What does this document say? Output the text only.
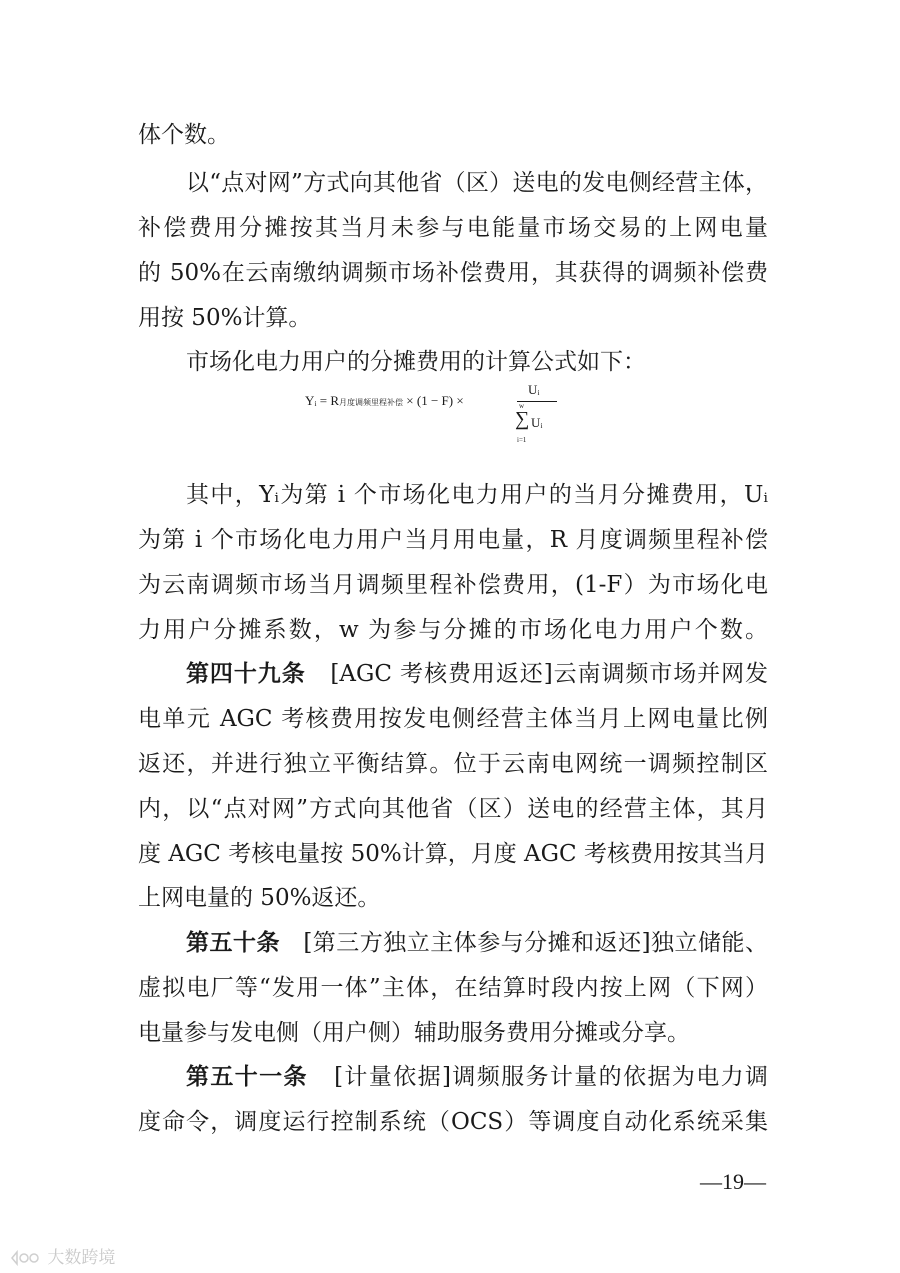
体个数。
以“点对网”方式向其他省（区）送电的发电侧经营主体，
补偿费用分摊按其当月未参与电能量市场交易的上网电量
的 50%在云南缴纳调频市场补偿费用，其获得的调频补偿费
用按 50%计算。
市场化电力用户的分摊费用的计算公式如下：
Yᵢ = R月度调频里程补偿 × (1 − F) ×
Uᵢ
w
∑
i=1
Uᵢ
其中，Yᵢ为第 i 个市场化电力用户的当月分摊费用，Uᵢ
为第 i 个市场化电力用户当月用电量，R 月度调频里程补偿
为云南调频市场当月调频里程补偿费用，(1-F）为市场化电
力用户分摊系数，w 为参与分摊的市场化电力用户个数。
第四十九条 [AGC 考核费用返还]云南调频市场并网发
电单元 AGC 考核费用按发电侧经营主体当月上网电量比例
返还，并进行独立平衡结算。位于云南电网统一调频控制区
内，以“点对网”方式向其他省（区）送电的经营主体，其月
度 AGC 考核电量按 50%计算，月度 AGC 考核费用按其当月
上网电量的 50%返还。
第五十条 [第三方独立主体参与分摊和返还]独立储能、
虚拟电厂等“发用一体”主体，在结算时段内按上网（下网）
电量参与发电侧（用户侧）辅助服务费用分摊或分享。
第五十一条 [计量依据]调频服务计量的依据为电力调
度命令，调度运行控制系统（OCS）等调度自动化系统采集
—19—
大数跨境
